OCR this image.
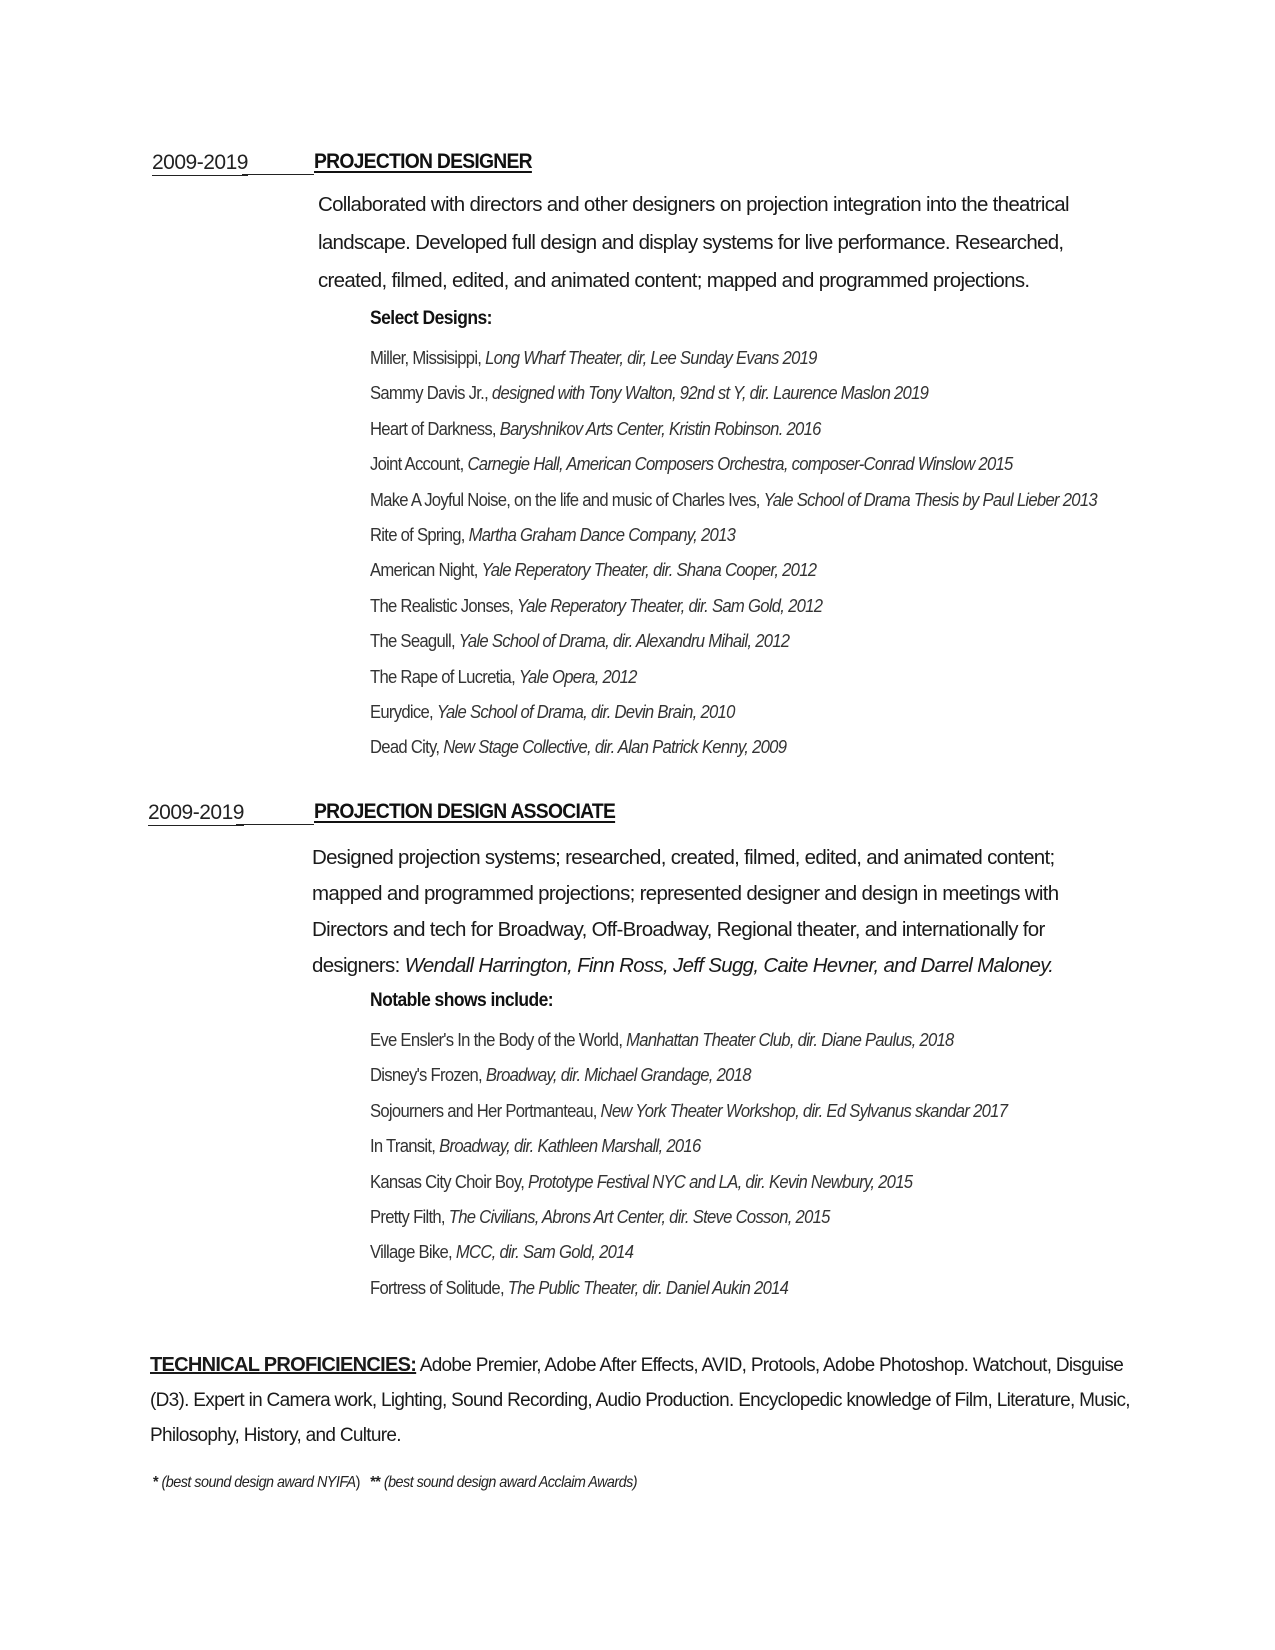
2009-2019	PROJECTION DESIGNER
Collaborated with directors and other designers on projection integration into the theatrical landscape. Developed full design and display systems for live performance. Researched, created, filmed, edited, and animated content; mapped and programmed projections.
Select Designs:
Miller, Missisippi, Long Wharf Theater, dir, Lee Sunday Evans 2019
Sammy Davis Jr., designed with Tony Walton, 92nd st Y, dir. Laurence Maslon 2019
Heart of Darkness, Baryshnikov Arts Center, Kristin Robinson. 2016
Joint Account, Carnegie Hall, American Composers Orchestra, composer-Conrad Winslow 2015
Make A Joyful Noise, on the life and music of Charles Ives, Yale School of Drama Thesis by Paul Lieber 2013
Rite of Spring, Martha Graham Dance Company, 2013
American Night, Yale Reperatory Theater, dir. Shana Cooper, 2012
The Realistic Jonses, Yale Reperatory Theater, dir. Sam Gold, 2012
The Seagull, Yale School of Drama, dir. Alexandru Mihail, 2012
The Rape of Lucretia, Yale Opera, 2012
Eurydice, Yale School of Drama, dir. Devin Brain, 2010
Dead City, New Stage Collective, dir. Alan Patrick Kenny, 2009
2009-2019	PROJECTION DESIGN ASSOCIATE
Designed projection systems; researched, created, filmed, edited, and animated content; mapped and programmed projections; represented designer and design in meetings with Directors and tech for Broadway, Off-Broadway, Regional theater, and internationally for designers: Wendall Harrington, Finn Ross, Jeff Sugg, Caite Hevner, and Darrel Maloney.
Notable shows include:
Eve Ensler's In the Body of the World, Manhattan Theater Club, dir. Diane Paulus, 2018
Disney's Frozen, Broadway, dir. Michael Grandage, 2018
Sojourners and Her Portmanteau, New York Theater Workshop, dir. Ed Sylvanus skandar 2017
In Transit, Broadway, dir. Kathleen Marshall, 2016
Kansas City Choir Boy, Prototype Festival NYC and LA, dir. Kevin Newbury, 2015
Pretty Filth, The Civilians, Abrons Art Center, dir. Steve Cosson, 2015
Village Bike, MCC, dir. Sam Gold, 2014
Fortress of Solitude, The Public Theater, dir. Daniel Aukin 2014
TECHNICAL PROFICIENCIES: Adobe Premier, Adobe After Effects, AVID, Protools, Adobe Photoshop. Watchout, Disguise (D3). Expert in Camera work, Lighting, Sound Recording, Audio Production. Encyclopedic knowledge of Film, Literature, Music, Philosophy, History, and Culture.
* (best sound design award NYIFA) ** (best sound design award Acclaim Awards)
